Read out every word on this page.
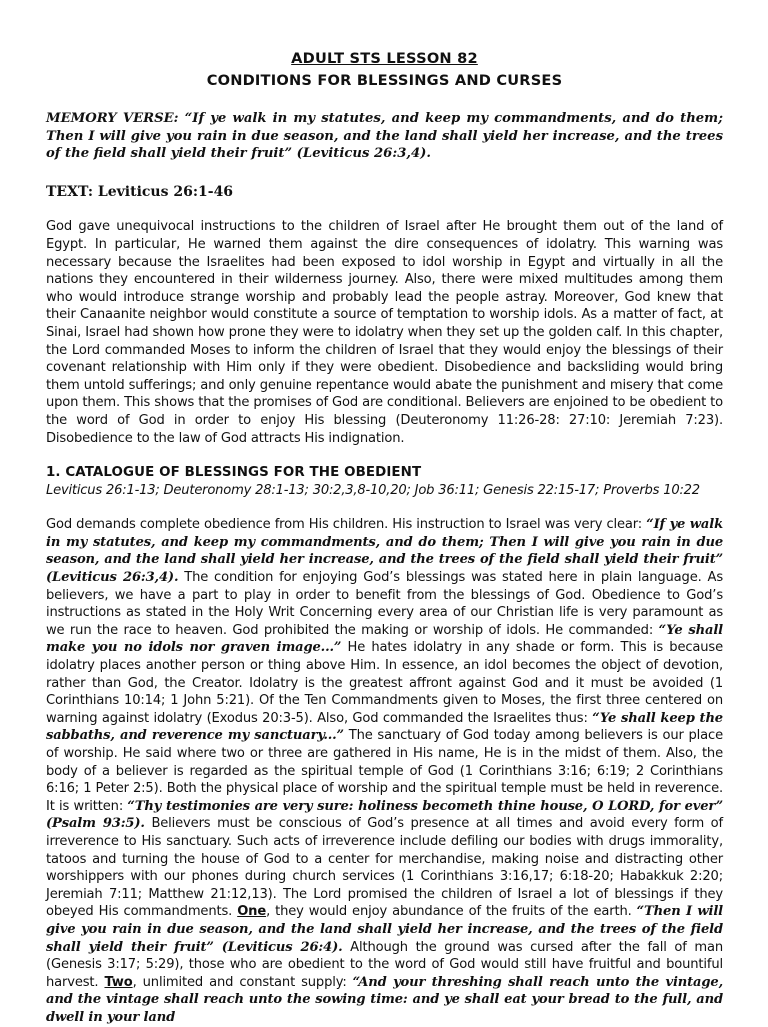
ADULT STS LESSON 82
CONDITIONS FOR BLESSINGS AND CURSES
MEMORY VERSE: “If ye walk in my statutes, and keep my commandments, and do them; Then I will give you rain in due season, and the land shall yield her increase, and the trees of the field shall yield their fruit” (Leviticus 26:3,4).
TEXT: Leviticus 26:1-46
God gave unequivocal instructions to the children of Israel after He brought them out of the land of Egypt. In particular, He warned them against the dire consequences of idolatry. This warning was necessary because the Israelites had been exposed to idol worship in Egypt and virtually in all the nations they encountered in their wilderness journey. Also, there were mixed multitudes among them who would introduce strange worship and probably lead the people astray. Moreover, God knew that their Canaanite neighbor would constitute a source of temptation to worship idols. As a matter of fact, at Sinai, Israel had shown how prone they were to idolatry when they set up the golden calf. In this chapter, the Lord commanded Moses to inform the children of Israel that they would enjoy the blessings of their covenant relationship with Him only if they were obedient. Disobedience and backsliding would bring them untold sufferings; and only genuine repentance would abate the punishment and misery that come upon them. This shows that the promises of God are conditional. Believers are enjoined to be obedient to the word of God in order to enjoy His blessing (Deuteronomy 11:26-28: 27:10: Jeremiah 7:23). Disobedience to the law of God attracts His indignation.
1. CATALOGUE OF BLESSINGS FOR THE OBEDIENT
Leviticus 26:1-13; Deuteronomy 28:1-13; 30:2,3,8-10,20; Job 36:11; Genesis 22:15-17; Proverbs 10:22
God demands complete obedience from His children. His instruction to Israel was very clear: “If ye walk in my statutes, and keep my commandments, and do them; Then I will give you rain in due season, and the land shall yield her increase, and the trees of the field shall yield their fruit” (Leviticus 26:3,4). The condition for enjoying God’s blessings was stated here in plain language. As believers, we have a part to play in order to benefit from the blessings of God. Obedience to God’s instructions as stated in the Holy Writ Concerning every area of our Christian life is very paramount as we run the race to heaven. God prohibited the making or worship of idols. He commanded: “Ye shall make you no idols nor graven image...” He hates idolatry in any shade or form. This is because idolatry places another person or thing above Him. In essence, an idol becomes the object of devotion, rather than God, the Creator. Idolatry is the greatest affront against God and it must be avoided (1 Corinthians 10:14; 1 John 5:21). Of the Ten Commandments given to Moses, the first three centered on warning against idolatry (Exodus 20:3-5). Also, God commanded the Israelites thus: “Ye shall keep the sabbaths, and reverence my sanctuary...” The sanctuary of God today among believers is our place of worship. He said where two or three are gathered in His name, He is in the midst of them. Also, the body of a believer is regarded as the spiritual temple of God (1 Corinthians 3:16; 6:19; 2 Corinthians 6:16; 1 Peter 2:5). Both the physical place of worship and the spiritual temple must be held in reverence. It is written: “Thy testimonies are very sure: holiness becometh thine house, O LORD, for ever” (Psalm 93:5). Believers must be conscious of God’s presence at all times and avoid every form of irreverence to His sanctuary. Such acts of irreverence include defiling our bodies with drugs immorality, tatoos and turning the house of God to a center for merchandise, making noise and distracting other worshippers with our phones during church services (1 Corinthians 3:16,17; 6:18-20; Habakkuk 2:20; Jeremiah 7:11; Matthew 21:12,13). The Lord promised the children of Israel a lot of blessings if they obeyed His commandments. One, they would enjoy abundance of the fruits of the earth. “Then I will give you rain in due season, and the land shall yield her increase, and the trees of the field shall yield their fruit” (Leviticus 26:4). Although the ground was cursed after the fall of man (Genesis 3:17; 5:29), those who are obedient to the word of God would still have fruitful and bountiful harvest. Two, unlimited and constant supply: “And your threshing shall reach unto the vintage, and the vintage shall reach unto the sowing time: and ye shall eat your bread to the full, and dwell in your land
